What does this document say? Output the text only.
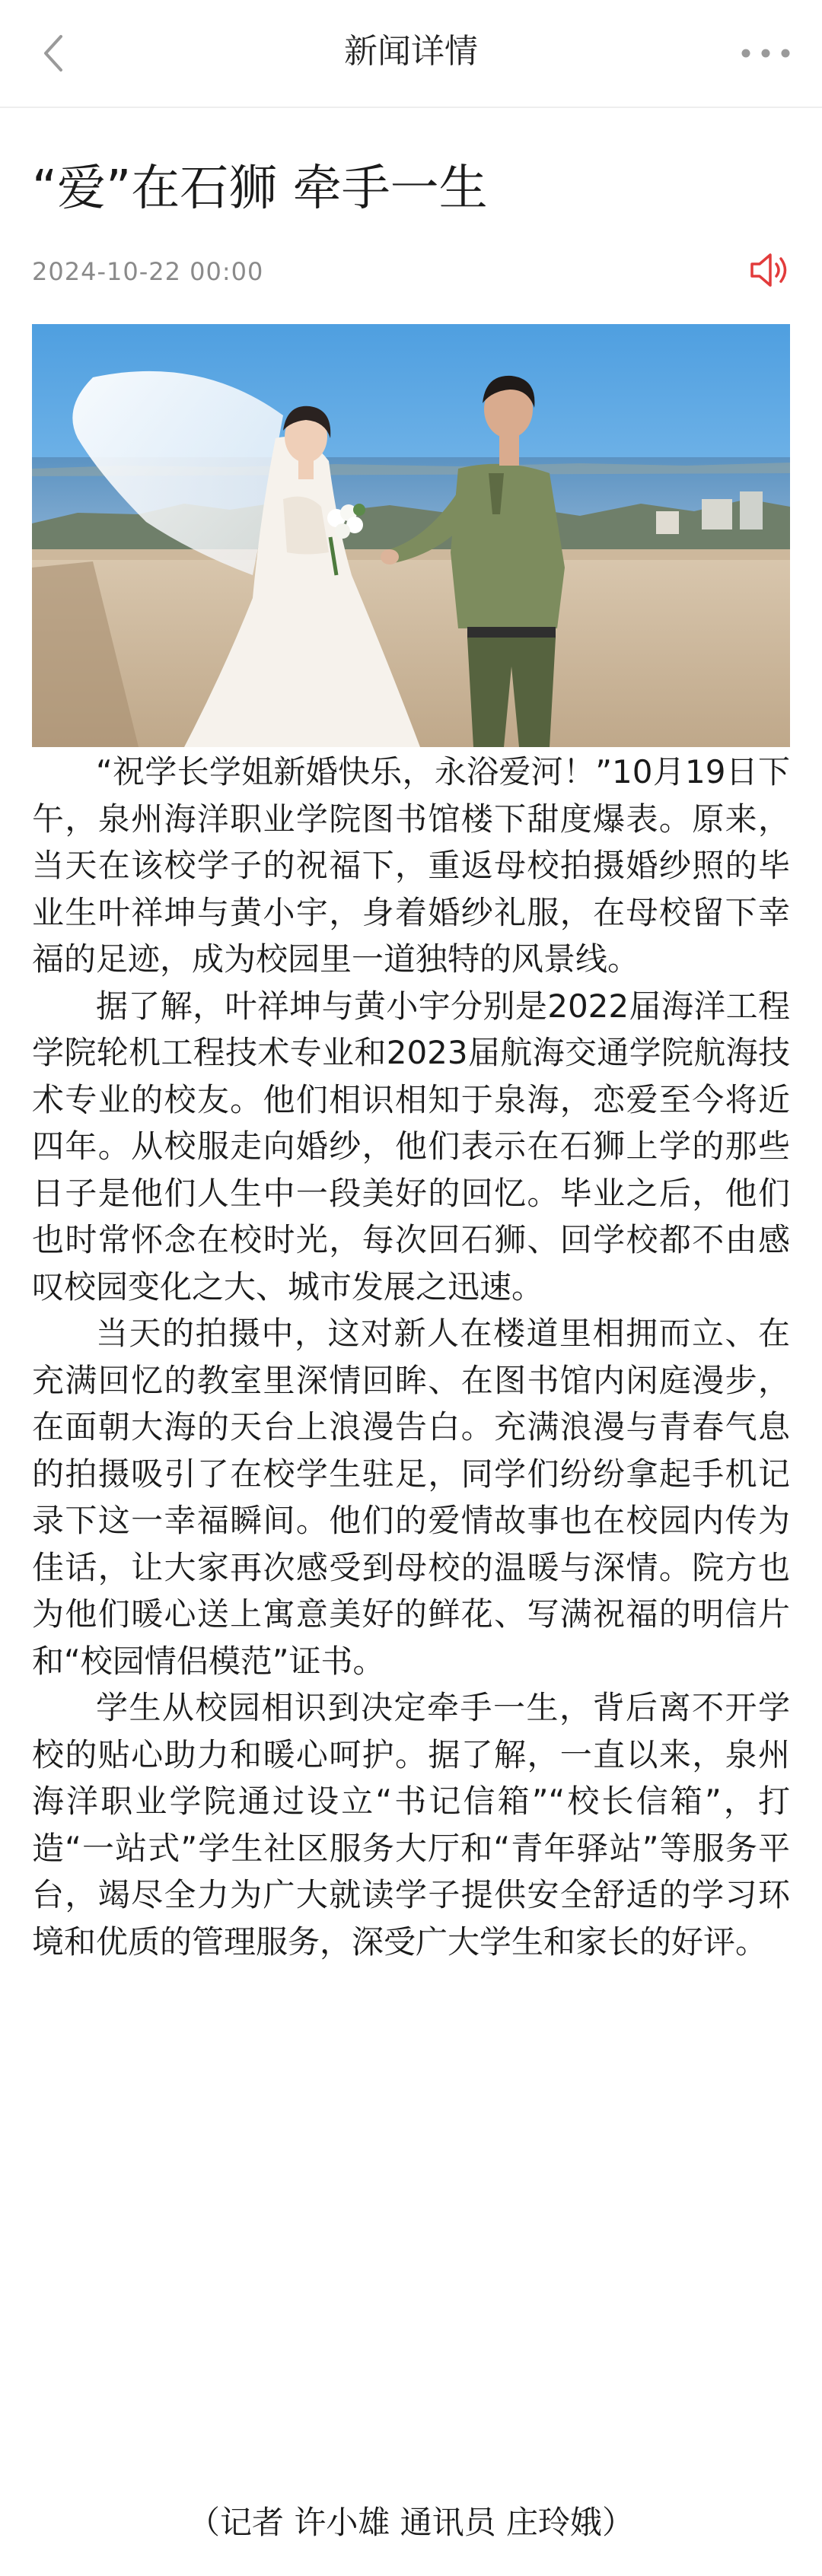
新闻详情
“爱”在石狮 牵手一生
2024-10-22 00:00

“祝学长学姐新婚快乐，永浴爱河！”10月19日下午，泉州海洋职业学院图书馆楼下甜度爆表。原来，当天在该校学子的祝福下，重返母校拍摄婚纱照的毕业生叶祥坤与黄小宇，身着婚纱礼服，在母校留下幸福的足迹，成为校园里一道独特的风景线。

据了解，叶祥坤与黄小宇分别是2022届海洋工程学院轮机工程技术专业和2023届航海交通学院航海技术专业的校友。他们相识相知于泉海，恋爱至今将近四年。从校服走向婚纱，他们表示在石狮上学的那些日子是他们人生中一段美好的回忆。毕业之后，他们也时常怀念在校时光，每次回石狮、回学校都不由感叹校园变化之大、城市发展之迅速。

当天的拍摄中，这对新人在楼道里相拥而立、在充满回忆的教室里深情回眸、在图书馆内闲庭漫步，在面朝大海的天台上浪漫告白。充满浪漫与青春气息的拍摄吸引了在校学生驻足，同学们纷纷拿起手机记录下这一幸福瞬间。他们的爱情故事也在校园内传为佳话，让大家再次感受到母校的温暖与深情。院方也为他们暖心送上寓意美好的鲜花、写满祝福的明信片和“校园情侣模范”证书。

学生从校园相识到决定牵手一生，背后离不开学校的贴心助力和暖心呵护。据了解，一直以来，泉州海洋职业学院通过设立“书记信箱”“校长信箱”，打造“一站式”学生社区服务大厅和“青年驿站”等服务平台，竭尽全力为广大就读学子提供安全舒适的学习环境和优质的管理服务，深受广大学生和家长的好评。

（记者 许小雄 通讯员 庄玲娥）
